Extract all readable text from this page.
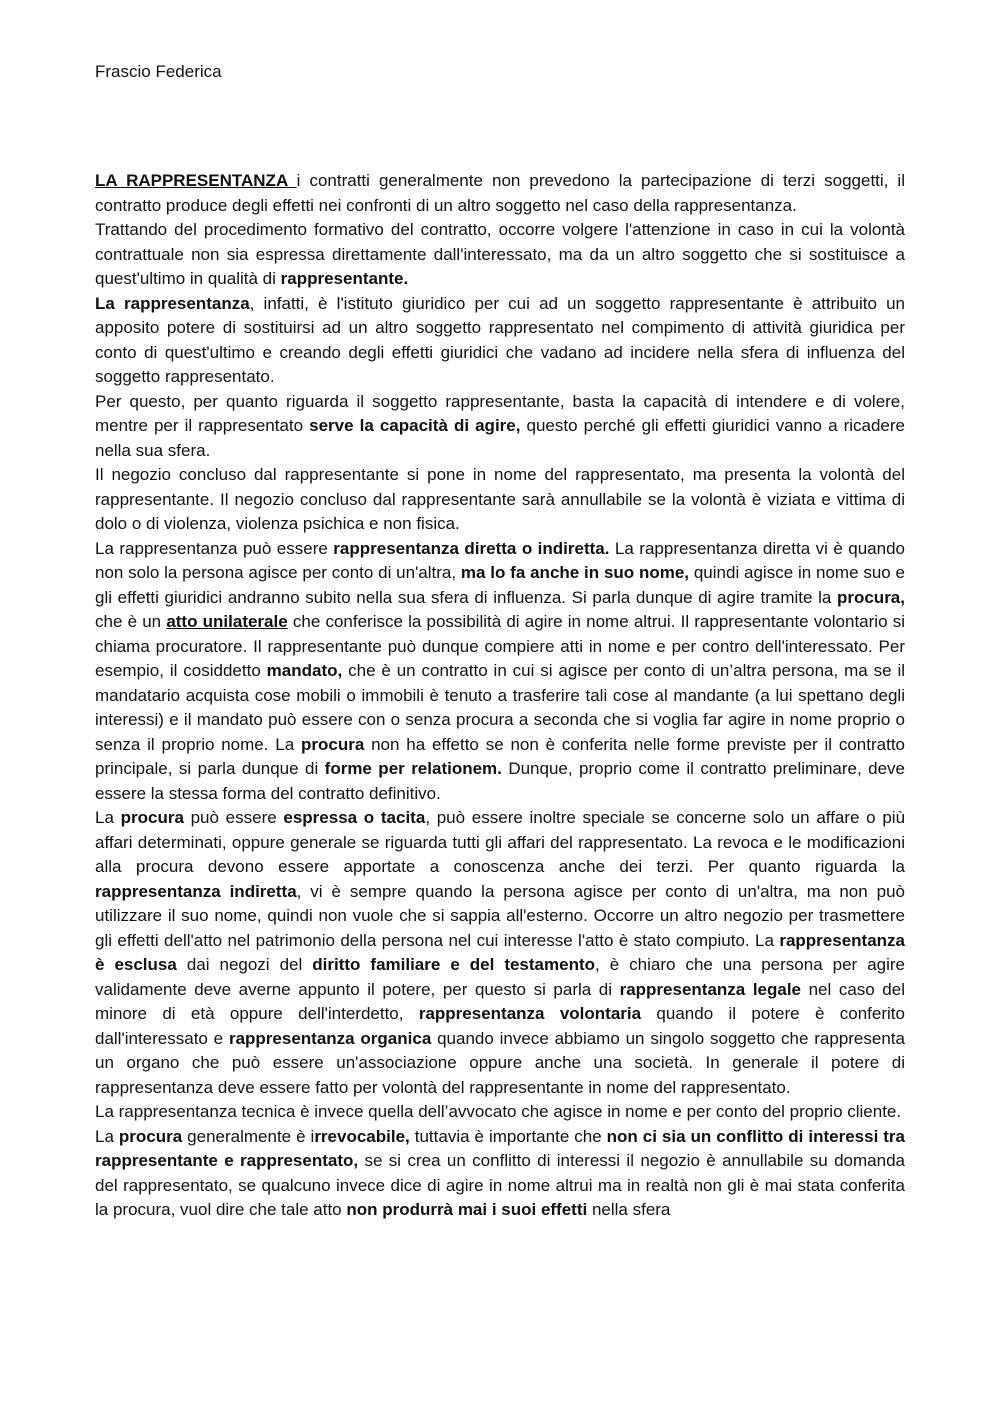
Frascio Federica

LA RAPPRESENTANZA i contratti generalmente non prevedono la partecipazione di terzi soggetti, il contratto produce degli effetti nei confronti di un altro soggetto nel caso della rappresentanza.

Trattando del procedimento formativo del contratto, occorre volgere l'attenzione in caso in cui la volontà contrattuale non sia espressa direttamente dall'interessato, ma da un altro soggetto che si sostituisce a quest'ultimo in qualità di rappresentante.

La rappresentanza, infatti, è l'istituto giuridico per cui ad un soggetto rappresentante è attribuito un apposito potere di sostituirsi ad un altro soggetto rappresentato nel compimento di attività giuridica per conto di quest'ultimo e creando degli effetti giuridici che vadano ad incidere nella sfera di influenza del soggetto rappresentato.

Per questo, per quanto riguarda il soggetto rappresentante, basta la capacità di intendere e di volere, mentre per il rappresentato serve la capacità di agire, questo perché gli effetti giuridici vanno a ricadere nella sua sfera.

Il negozio concluso dal rappresentante si pone in nome del rappresentato, ma presenta la volontà del rappresentante. Il negozio concluso dal rappresentante sarà annullabile se la volontà è viziata e vittima di dolo o di violenza, violenza psichica e non fisica.

La rappresentanza può essere rappresentanza diretta o indiretta. La rappresentanza diretta vi è quando non solo la persona agisce per conto di un'altra, ma lo fa anche in suo nome, quindi agisce in nome suo e gli effetti giuridici andranno subito nella sua sfera di influenza. Si parla dunque di agire tramite la procura, che è un atto unilaterale che conferisce la possibilità di agire in nome altrui. Il rappresentante volontario si chiama procuratore. Il rappresentante può dunque compiere atti in nome e per contro dell'interessato. Per esempio, il cosiddetto mandato, che è un contratto in cui si agisce per conto di un’altra persona, ma se il mandatario acquista cose mobili o immobili è tenuto a trasferire tali cose al mandante (a lui spettano degli interessi) e il mandato può essere con o senza procura a seconda che si voglia far agire in nome proprio o senza il proprio nome. La procura non ha effetto se non è conferita nelle forme previste per il contratto principale, si parla dunque di forme per relationem. Dunque, proprio come il contratto preliminare, deve essere la stessa forma del contratto definitivo.

La procura può essere espressa o tacita, può essere inoltre speciale se concerne solo un affare o più affari determinati, oppure generale se riguarda tutti gli affari del rappresentato. La revoca e le modificazioni alla procura devono essere apportate a conoscenza anche dei terzi. Per quanto riguarda la rappresentanza indiretta, vi è sempre quando la persona agisce per conto di un'altra, ma non può utilizzare il suo nome, quindi non vuole che si sappia all'esterno. Occorre un altro negozio per trasmettere gli effetti dell'atto nel patrimonio della persona nel cui interesse l'atto è stato compiuto. La rappresentanza è esclusa dai negozi del diritto familiare e del testamento, è chiaro che una persona per agire validamente deve averne appunto il potere, per questo si parla di rappresentanza legale nel caso del minore di età oppure dell'interdetto, rappresentanza volontaria quando il potere è conferito dall'interessato e rappresentanza organica quando invece abbiamo un singolo soggetto che rappresenta un organo che può essere un'associazione oppure anche una società. In generale il potere di rappresentanza deve essere fatto per volontà del rappresentante in nome del rappresentato.

La rappresentanza tecnica è invece quella dell’avvocato che agisce in nome e per conto del proprio cliente.

La procura generalmente è irrevocabile, tuttavia è importante che non ci sia un conflitto di interessi tra rappresentante e rappresentato, se si crea un conflitto di interessi il negozio è annullabile su domanda del rappresentato, se qualcuno invece dice di agire in nome altrui ma in realtà non gli è mai stata conferita la procura, vuol dire che tale atto non produrrà mai i suoi effetti nella sfera
